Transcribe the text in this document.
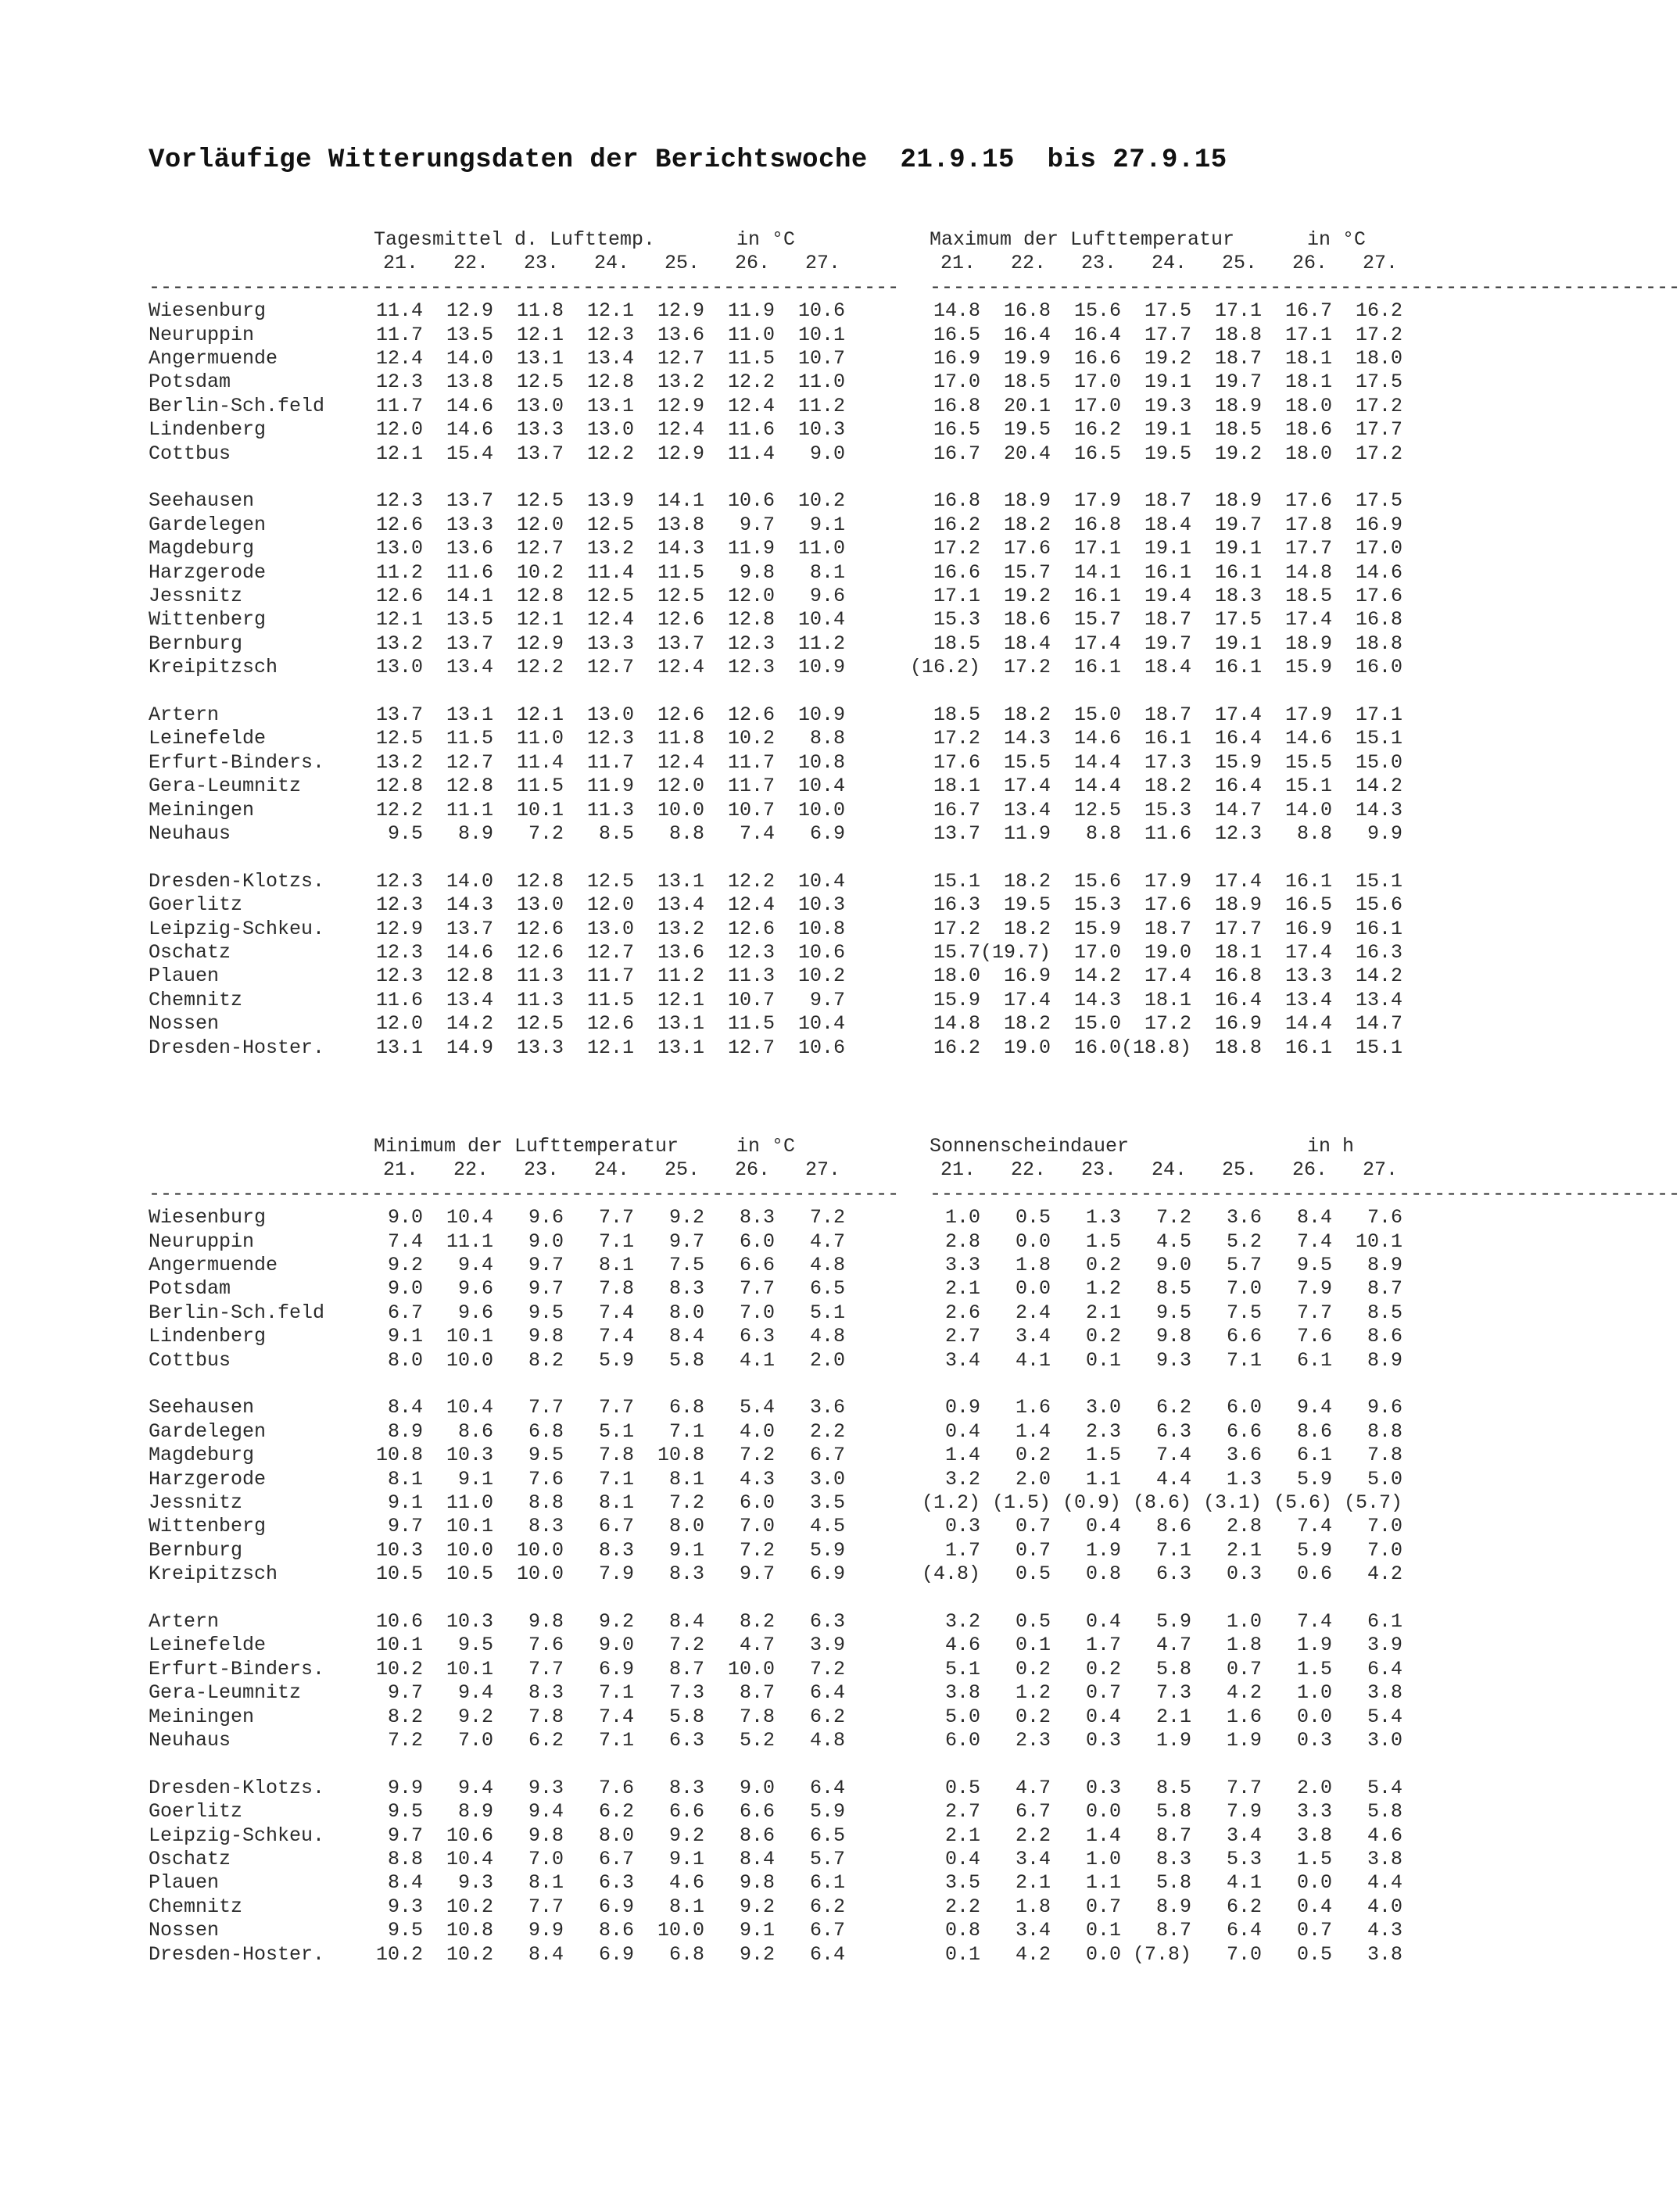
Vorläufige Witterungsdaten der Berichtswoche  21.9.15  bis 27.9.15
Tagesmittel d. Lufttemp.	in °C
21.	22.	23.	24.	25.	26.	27.
Maximum der Lufttemperatur	in °C
21.	22.	23.	24.	25.	26.	27.
---------------------------------------------------------------- ----------------------------------------------------------------
Wiesenburg	11.4	12.9	11.8	12.1	12.9	11.9	10.6	14.8	16.8	15.6	17.5	17.1	16.7	16.2
Neuruppin	11.7	13.5	12.1	12.3	13.6	11.0	10.1	16.5	16.4	16.4	17.7	18.8	17.1	17.2
Angermuende	12.4	14.0	13.1	13.4	12.7	11.5	10.7	16.9	19.9	16.6	19.2	18.7	18.1	18.0
Potsdam	12.3	13.8	12.5	12.8	13.2	12.2	11.0	17.0	18.5	17.0	19.1	19.7	18.1	17.5
Berlin-Sch.feld	11.7	14.6	13.0	13.1	12.9	12.4	11.2	16.8	20.1	17.0	19.3	18.9	18.0	17.2
Lindenberg	12.0	14.6	13.3	13.0	12.4	11.6	10.3	16.5	19.5	16.2	19.1	18.5	18.6	17.7
Cottbus	12.1	15.4	13.7	12.2	12.9	11.4	9.0	16.7	20.4	16.5	19.5	19.2	18.0	17.2
Seehausen	12.3	13.7	12.5	13.9	14.1	10.6	10.2	16.8	18.9	17.9	18.7	18.9	17.6	17.5
Gardelegen	12.6	13.3	12.0	12.5	13.8	9.7	9.1	16.2	18.2	16.8	18.4	19.7	17.8	16.9
Magdeburg	13.0	13.6	12.7	13.2	14.3	11.9	11.0	17.2	17.6	17.1	19.1	19.1	17.7	17.0
Harzgerode	11.2	11.6	10.2	11.4	11.5	9.8	8.1	16.6	15.7	14.1	16.1	16.1	14.8	14.6
Jessnitz	12.6	14.1	12.8	12.5	12.5	12.0	9.6	17.1	19.2	16.1	19.4	18.3	18.5	17.6
Wittenberg	12.1	13.5	12.1	12.4	12.6	12.8	10.4	15.3	18.6	15.7	18.7	17.5	17.4	16.8
Bernburg	13.2	13.7	12.9	13.3	13.7	12.3	11.2	18.5	18.4	17.4	19.7	19.1	18.9	18.8
Kreipitzsch	13.0	13.4	12.2	12.7	12.4	12.3	10.9	(16.2)	17.2	16.1	18.4	16.1	15.9	16.0
Artern	13.7	13.1	12.1	13.0	12.6	12.6	10.9	18.5	18.2	15.0	18.7	17.4	17.9	17.1
Leinefelde	12.5	11.5	11.0	12.3	11.8	10.2	8.8	17.2	14.3	14.6	16.1	16.4	14.6	15.1
Erfurt-Binders.	13.2	12.7	11.4	11.7	12.4	11.7	10.8	17.6	15.5	14.4	17.3	15.9	15.5	15.0
Gera-Leumnitz	12.8	12.8	11.5	11.9	12.0	11.7	10.4	18.1	17.4	14.4	18.2	16.4	15.1	14.2
Meiningen	12.2	11.1	10.1	11.3	10.0	10.7	10.0	16.7	13.4	12.5	15.3	14.7	14.0	14.3
Neuhaus	9.5	8.9	7.2	8.5	8.8	7.4	6.9	13.7	11.9	8.8	11.6	12.3	8.8	9.9
Dresden-Klotzs.	12.3	14.0	12.8	12.5	13.1	12.2	10.4	15.1	18.2	15.6	17.9	17.4	16.1	15.1
Goerlitz	12.3	14.3	13.0	12.0	13.4	12.4	10.3	16.3	19.5	15.3	17.6	18.9	16.5	15.6
Leipzig-Schkeu.	12.9	13.7	12.6	13.0	13.2	12.6	10.8	17.2	18.2	15.9	18.7	17.7	16.9	16.1
Oschatz	12.3	14.6	12.6	12.7	13.6	12.3	10.6	15.7 (19.7)	17.0	19.0	18.1	17.4	16.3
Plauen	12.3	12.8	11.3	11.7	11.2	11.3	10.2	18.0	16.9	14.2	17.4	16.8	13.3	14.2
Chemnitz	11.6	13.4	11.3	11.5	12.1	10.7	9.7	15.9	17.4	14.3	18.1	16.4	13.4	13.4
Nossen	12.0	14.2	12.5	12.6	13.1	11.5	10.4	14.8	18.2	15.0	17.2	16.9	14.4	14.7
Dresden-Hoster.	13.1	14.9	13.3	12.1	13.1	12.7	10.6	16.2	19.0	16.0 (18.8)	18.8	16.1	15.1
Minimum der Lufttemperatur	in °C
21.	22.	23.	24.	25.	26.	27.
Sonnenscheindauer	in h
21.	22.	23.	24.	25.	26.	27.
---------------------------------------------------------------- ----------------------------------------------------------------
Wiesenburg	9.0	10.4	9.6	7.7	9.2	8.3	7.2	1.0	0.5	1.3	7.2	3.6	8.4	7.6
Neuruppin	7.4	11.1	9.0	7.1	9.7	6.0	4.7	2.8	0.0	1.5	4.5	5.2	7.4	10.1
Angermuende	9.2	9.4	9.7	8.1	7.5	6.6	4.8	3.3	1.8	0.2	9.0	5.7	9.5	8.9
Potsdam	9.0	9.6	9.7	7.8	8.3	7.7	6.5	2.1	0.0	1.2	8.5	7.0	7.9	8.7
Berlin-Sch.feld	6.7	9.6	9.5	7.4	8.0	7.0	5.1	2.6	2.4	2.1	9.5	7.5	7.7	8.5
Lindenberg	9.1	10.1	9.8	7.4	8.4	6.3	4.8	2.7	3.4	0.2	9.8	6.6	7.6	8.6
Cottbus	8.0	10.0	8.2	5.9	5.8	4.1	2.0	3.4	4.1	0.1	9.3	7.1	6.1	8.9
Seehausen	8.4	10.4	7.7	7.7	6.8	5.4	3.6	0.9	1.6	3.0	6.2	6.0	9.4	9.6
Gardelegen	8.9	8.6	6.8	5.1	7.1	4.0	2.2	0.4	1.4	2.3	6.3	6.6	8.6	8.8
Magdeburg	10.8	10.3	9.5	7.8	10.8	7.2	6.7	1.4	0.2	1.5	7.4	3.6	6.1	7.8
Harzgerode	8.1	9.1	7.6	7.1	8.1	4.3	3.0	3.2	2.0	1.1	4.4	1.3	5.9	5.0
Jessnitz	9.1	11.0	8.8	8.1	7.2	6.0	3.5	(1.2) (1.5) (0.9) (8.6) (3.1) (5.6) (5.7)
Wittenberg	9.7	10.1	8.3	6.7	8.0	7.0	4.5	0.3	0.7	0.4	8.6	2.8	7.4	7.0
Bernburg	10.3	10.0	10.0	8.3	9.1	7.2	5.9	1.7	0.7	1.9	7.1	2.1	5.9	7.0
Kreipitzsch	10.5	10.5	10.0	7.9	8.3	9.7	6.9	(4.8)	0.5	0.8	6.3	0.3	0.6	4.2
Artern	10.6	10.3	9.8	9.2	8.4	8.2	6.3	3.2	0.5	0.4	5.9	1.0	7.4	6.1
Leinefelde	10.1	9.5	7.6	9.0	7.2	4.7	3.9	4.6	0.1	1.7	4.7	1.8	1.9	3.9
Erfurt-Binders.	10.2	10.1	7.7	6.9	8.7	10.0	7.2	5.1	0.2	0.2	5.8	0.7	1.5	6.4
Gera-Leumnitz	9.7	9.4	8.3	7.1	7.3	8.7	6.4	3.8	1.2	0.7	7.3	4.2	1.0	3.8
Meiningen	8.2	9.2	7.8	7.4	5.8	7.8	6.2	5.0	0.2	0.4	2.1	1.6	0.0	5.4
Neuhaus	7.2	7.0	6.2	7.1	6.3	5.2	4.8	6.0	2.3	0.3	1.9	1.9	0.3	3.0
Dresden-Klotzs.	9.9	9.4	9.3	7.6	8.3	9.0	6.4	0.5	4.7	0.3	8.5	7.7	2.0	5.4
Goerlitz	9.5	8.9	9.4	6.2	6.6	6.6	5.9	2.7	6.7	0.0	5.8	7.9	3.3	5.8
Leipzig-Schkeu.	9.7	10.6	9.8	8.0	9.2	8.6	6.5	2.1	2.2	1.4	8.7	3.4	3.8	4.6
Oschatz	8.8	10.4	7.0	6.7	9.1	8.4	5.7	0.4	3.4	1.0	8.3	5.3	1.5	3.8
Plauen	8.4	9.3	8.1	6.3	4.6	9.8	6.1	3.5	2.1	1.1	5.8	4.1	0.0	4.4
Chemnitz	9.3	10.2	7.7	6.9	8.1	9.2	6.2	2.2	1.8	0.7	8.9	6.2	0.4	4.0
Nossen	9.5	10.8	9.9	8.6	10.0	9.1	6.7	0.8	3.4	0.1	8.7	6.4	0.7	4.3
Dresden-Hoster.	10.2	10.2	8.4	6.9	6.8	9.2	6.4	0.1	4.2	0.0 (7.8)	7.0	0.5	3.8
